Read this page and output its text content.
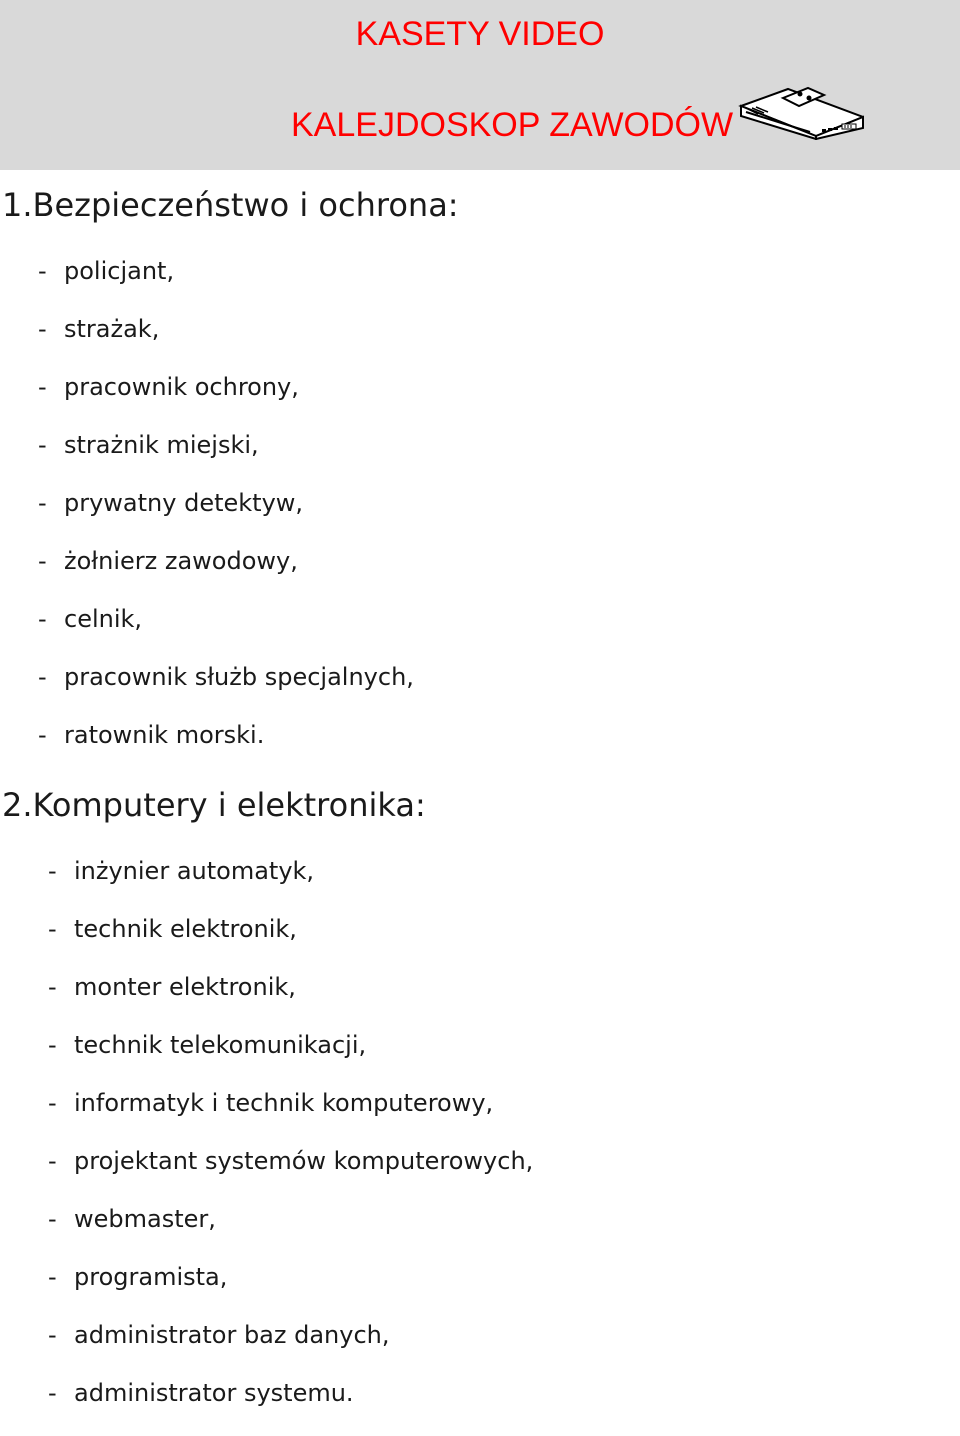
KASETY VIDEO
KALEJDOSKOP ZAWODÓW
1.Bezpieczeństwo i ochrona:
- policjant,
- strażak,
- pracownik ochrony,
- strażnik miejski,
- prywatny detektyw,
- żołnierz zawodowy,
- celnik,
- pracownik służb specjalnych,
- ratownik morski.
2.Komputery i elektronika:
- inżynier automatyk,
- technik elektronik,
- monter elektronik,
- technik telekomunikacji,
- informatyk i technik komputerowy,
- projektant systemów komputerowych,
- webmaster,
- programista,
- administrator baz danych,
- administrator systemu.
